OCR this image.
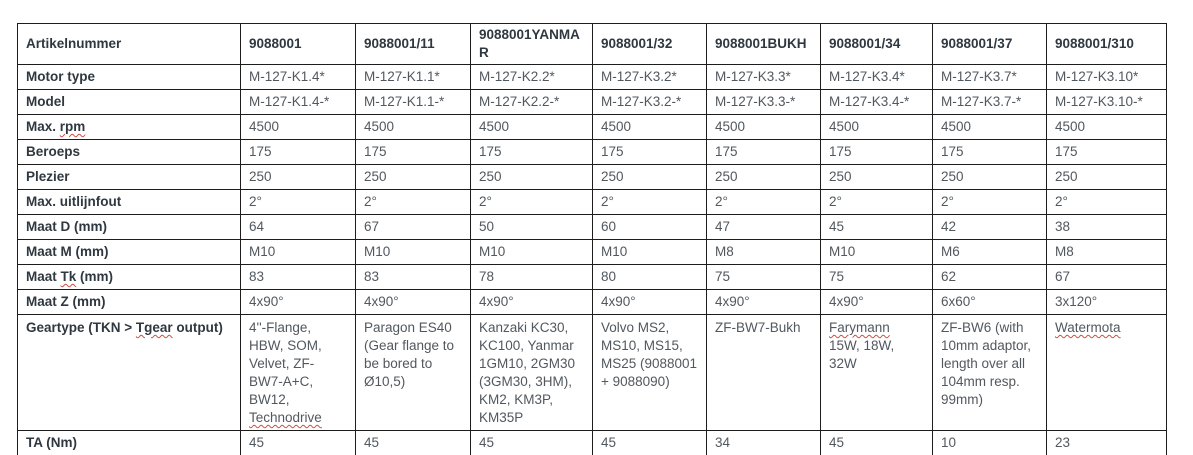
Artikelnummer	9088001	9088001/11	9088001YANMAR	9088001/32	9088001BUKH	9088001/34	9088001/37	9088001/310
Motor type	M-127-K1.4*	M-127-K1.1*	M-127-K2.2*	M-127-K3.2*	M-127-K3.3*	M-127-K3.4*	M-127-K3.7*	M-127-K3.10*
Model	M-127-K1.4-*	M-127-K1.1-*	M-127-K2.2-*	M-127-K3.2-*	M-127-K3.3-*	M-127-K3.4-*	M-127-K3.7-*	M-127-K3.10-*
Max. rpm	4500	4500	4500	4500	4500	4500	4500	4500
Beroeps	175	175	175	175	175	175	175	175
Plezier	250	250	250	250	250	250	250	250
Max. uitlijnfout	2°	2°	2°	2°	2°	2°	2°	2°
Maat D (mm)	64	67	50	60	47	45	42	38
Maat M (mm)	M10	M10	M10	M10	M8	M10	M6	M8
Maat Tk (mm)	83	83	78	80	75	75	62	67
Maat Z (mm)	4x90°	4x90°	4x90°	4x90°	4x90°	4x90°	6x60°	3x120°
Geartype (TKN > Tgear output)	4''-Flange, HBW, SOM, Velvet, ZF-BW7-A+C, BW12, Technodrive	Paragon ES40 (Gear flange to be bored to Ø10,5)	Kanzaki KC30, KC100, Yanmar 1GM10, 2GM30 (3GM30, 3HM), KM2, KM3P, KM35P	Volvo MS2, MS10, MS15, MS25 (9088001 + 9088090)	ZF-BW7-Bukh	Farymann 15W, 18W, 32W	ZF-BW6 (with 10mm adaptor, length over all 104mm resp. 99mm)	Watermota
TA (Nm)	45	45	45	45	34	45	10	23
